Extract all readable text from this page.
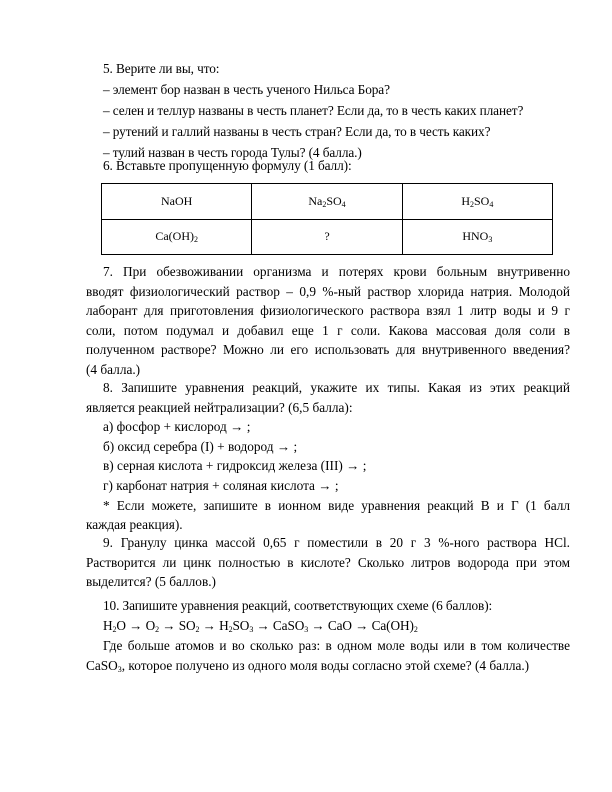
5. Верите ли вы, что:
– элемент бор назван в честь ученого Нильса Бора?
– селен и теллур названы в честь планет? Если да, то в честь каких планет?
– рутений и галлий названы в честь стран? Если да, то в честь каких?
– тулий назван в честь города Тулы? (4 балла.)
6. Вставьте пропущенную формулу (1 балл):
NaOH	$Na_2SO_4$	$H_2SO_4$
$Ca(OH)_2$	?	$HNO_3$
7. При обезвоживании организма и потерях крови больным внутривенно
вводят физиологический раствор – 0,9 %-ный раствор хлорида натрия. Молодой
лаборант для приготовления физиологического раствора взял 1 литр воды и 9 г
соли, потом подумал и добавил еще 1 г соли. Какова массовая доля соли в
полученном растворе? Можно ли его использовать для внутривенного введения?
(4 балла.)
8. Запишите уравнения реакций, укажите их типы. Какая из этих реакций
является реакцией нейтрализации? (6,5 балла):
а) фосфор + кислород → ;
б) оксид серебра (I) + водород → ;
в) серная кислота + гидроксид железа (III) → ;
г) карбонат натрия + соляная кислота → ;
* Если можете, запишите в ионном виде уравнения реакций В и Г (1 балл
каждая реакция).
9. Гранулу цинка массой 0,65 г поместили в 20 г 3 %-ного раствора HCl.
Растворится ли цинк полностью в кислоте? Сколько литров водорода при этом
выделится? (5 баллов.)
10. Запишите уравнения реакций, соответствующих схеме (6 баллов):
$H_2O \to O_2 \to SO_2 \to H_2SO_3$ → CaSO$_3$ → CaO → $Ca(OH)_2$
Где больше атомов и во сколько раз: в одном моле воды или в том количестве
CaSO$_3$, которое получено из одного моля воды согласно этой схеме? (4 балла.)
